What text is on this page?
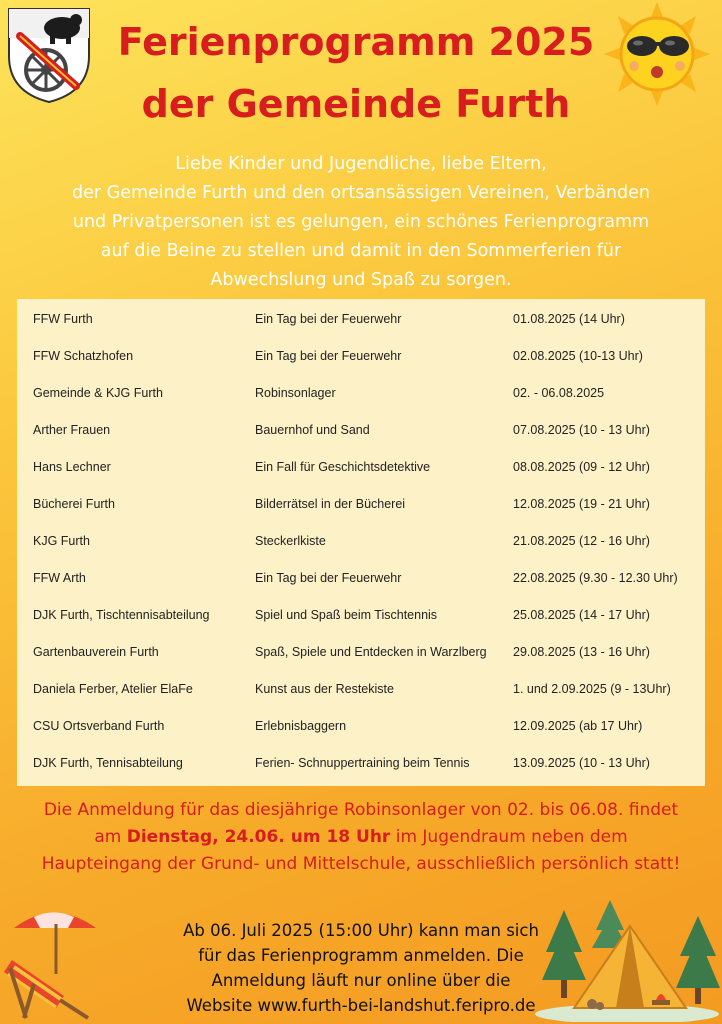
Ferienprogramm 2025
der Gemeinde Furth

Liebe Kinder und Jugendliche, liebe Eltern,

der Gemeinde Furth und den ortsansässigen Vereinen, Verbänden

und Privatpersonen ist es gelungen, ein schönes Ferienprogramm

auf die Beine zu stellen und damit in den Sommerferien für

Abwechslung und Spaß zu sorgen.

FFW Furth	Ein Tag bei der Feuerwehr	01.08.2025 (14 Uhr)
FFW Schatzhofen	Ein Tag bei der Feuerwehr	02.08.2025 (10-13 Uhr)
Gemeinde & KJG Furth	Robinsonlager	02. - 06.08.2025
Arther Frauen	Bauernhof und Sand	07.08.2025 (10 - 13 Uhr)
Hans Lechner	Ein Fall für Geschichtsdetektive	08.08.2025 (09 - 12 Uhr)
Bücherei Furth	Bilderrätsel in der Bücherei	12.08.2025 (19 - 21 Uhr)
KJG Furth	Steckerlkiste	21.08.2025 (12 - 16 Uhr)
FFW Arth	Ein Tag bei der Feuerwehr	22.08.2025 (9.30 - 12.30 Uhr)
DJK Furth, Tischtennisabteilung	Spiel und Spaß beim Tischtennis	25.08.2025 (14 - 17 Uhr)
Gartenbauverein Furth	Spaß, Spiele und Entdecken in Warzlberg 29.08.2025 (13 - 16 Uhr)
Daniela Ferber, Atelier ElaFe	Kunst aus der Restekiste	1. und 2.09.2025 (9 - 13Uhr)
CSU Ortsverband Furth	Erlebnisbaggern	12.09.2025 (ab 17 Uhr)
DJK Furth, Tennisabteilung	Ferien- Schnuppertraining beim Tennis	13.09.2025 (10 - 13 Uhr)

Die Anmeldung für das diesjährige Robinsonlager von 02. bis 06.08. findet am Dienstag, 24.06. um 18 Uhr im Jugendraum neben dem Haupteingang der Grund- und Mittelschule, ausschließlich persönlich statt!

Ab 06. Juli 2025 (15:00 Uhr) kann man sich

für das Ferienprogramm anmelden. Die

Anmeldung läuft nur online über die

Website www.furth-bei-landshut.feripro.de
